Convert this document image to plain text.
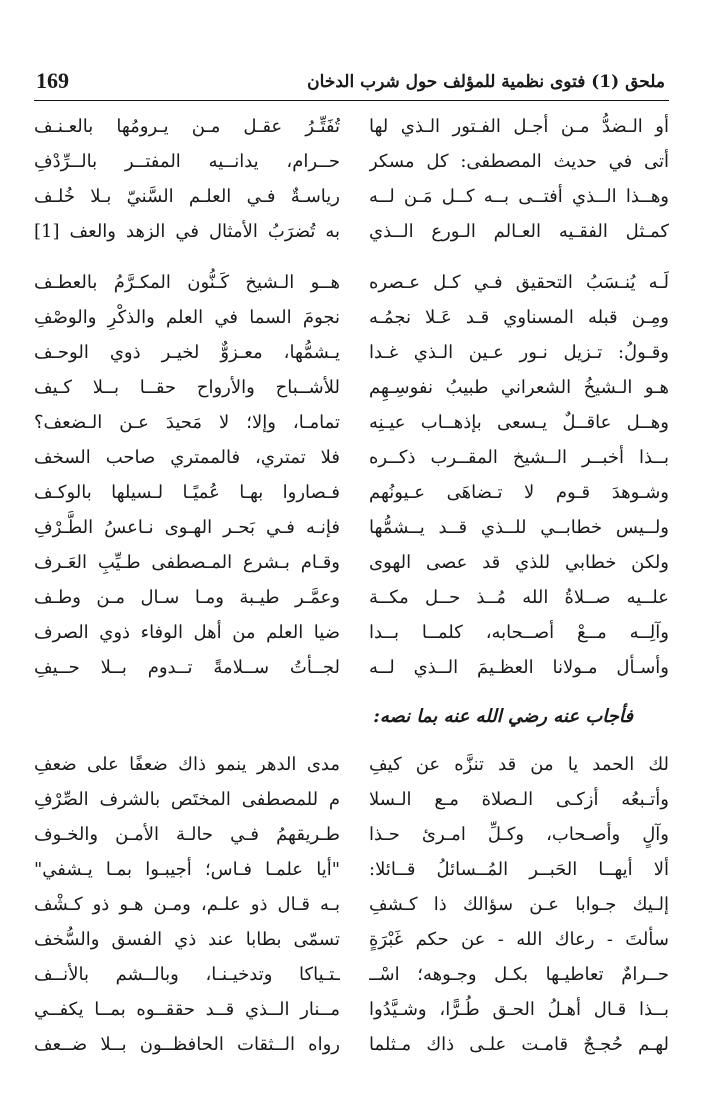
169	ملحق (1) فتوى نظمية للمؤلف حول شرب الدخان
أو الـضدُّ مـن أجـل الفـتور الـذي لها
تُفَتِّـرُ عقـل مـن يـرومُها بالعـنـف
أتى في حديث المصطفى: كل مسكر
حــرام، يدانــيه المفتــر بالــرِّدْفِ
وهــذا الــذي أفتــى بــه كــل مَـن لــه
رياسـةٌ فـي العلـم السَّنيّ بـلا خُلـف
كمـثل الفقـيه العـالم الـورع الــذي
به تُضرَبُ الأمثال في الزهد والعف [1]
لَـه يُنـسَبُ التحقيق فـي كـل عـصره
هــو الـشيخ كَـنُّون المكـرَّمُ بالعطـف
ومِـن قبله المسناوي قـد عَـلا نجمُـه
نجومَ السما في العلم والذكْرِ والوصْفِ
وقـولُ: تـزيل نـور عـين الـذي غـدا
يـشمُّها، معـزوٌّ لخيـر ذوي الوحـف
هـو الـشيخُ الشعراني طبيبُ نفوسِـهِم
للأشــباح والأرواح حقــا بــلا كـيف
وهــل عاقــلٌ يـسعى بإذهــاب عيـنِه
تمامـا، وإلا؛ لا مَحيدَ عـن الـضعف؟
بــذا أخبــر الــشيخ المقــرب ذكــره
فلا تمتري، فالممتري صاحب السخف
وشـوهدَ قـوم لا تـضاهَى عـيونُهم
فـصاروا بهـا عُميًـا لـسيلها بالوكـف
ولــيس خطابــي للــذي قــد يــشمُّها
فإنـه فـي بَحـر الهـوى نـاعسُ الطَّـرْفِ
ولكن خطابي للذي قد عصى الهوى
وقـام بـشرع المـصطفى طـيِّبِ العَـرف
علــيه صــلاةُ الله مُــذ حــل مكــة
وعمَّـر طيـبة ومـا سـال مـن وطـف
وآلِــه مــعْ أصــحابه، كلمــا بــدا
ضيا العلم من أهل الوفاء ذوي الصرف
وأسـأل مـولانا العظـيمَ الــذي لــه
لجــأتُ ســلامةً تــدوم بــلا حــيفِ
فأجاب عنه رضي الله عنه بما نصه:
لك الحمد يا من قد تنزَّه عن كيفِ
مدى الدهر ينمو ذاك ضعفًا على ضعفِ
وأتـبعُه أزكـى الـصلاة مـع الـسلا
م للمصطفى المختَص بالشرف الصِّرْفِ
وآلٍ وأصـحاب، وكـلِّ امـرئ حـذا
طـريقهمُ فـي حالـة الأمـن والخـوف
ألا أيهــا الحَبــر المُــسائلُ قــائلا:
"أيا علمـا فـاس؛ أجيبـوا بمـا يـشفي"
إلـيك جـوابا عـن سؤالك ذا كـشفِ
بـه قـال ذو علـم، ومـن هـو ذو كـشْف
سألتَ - رعاك الله - عن حكم غَبْرَةٍ
تسمّى بطابا عند ذي الفسق والسُّخف
حــرامٌ تعاطيـها بكـل وجـوهه؛ اسْــ
ـتـياكا وتدخيـنـا، وبالــشم بالأنــف
بــذا قـال أهـلُ الحـق طُـرًّا، وشـيَّدُوا
مــنار الــذي قــد حققــوه بمــا يكفــي
لهـم حُجـجٌ قامـت علـى ذاك مـثلما
رواه الــثقات الحافظــون بــلا ضــعف
